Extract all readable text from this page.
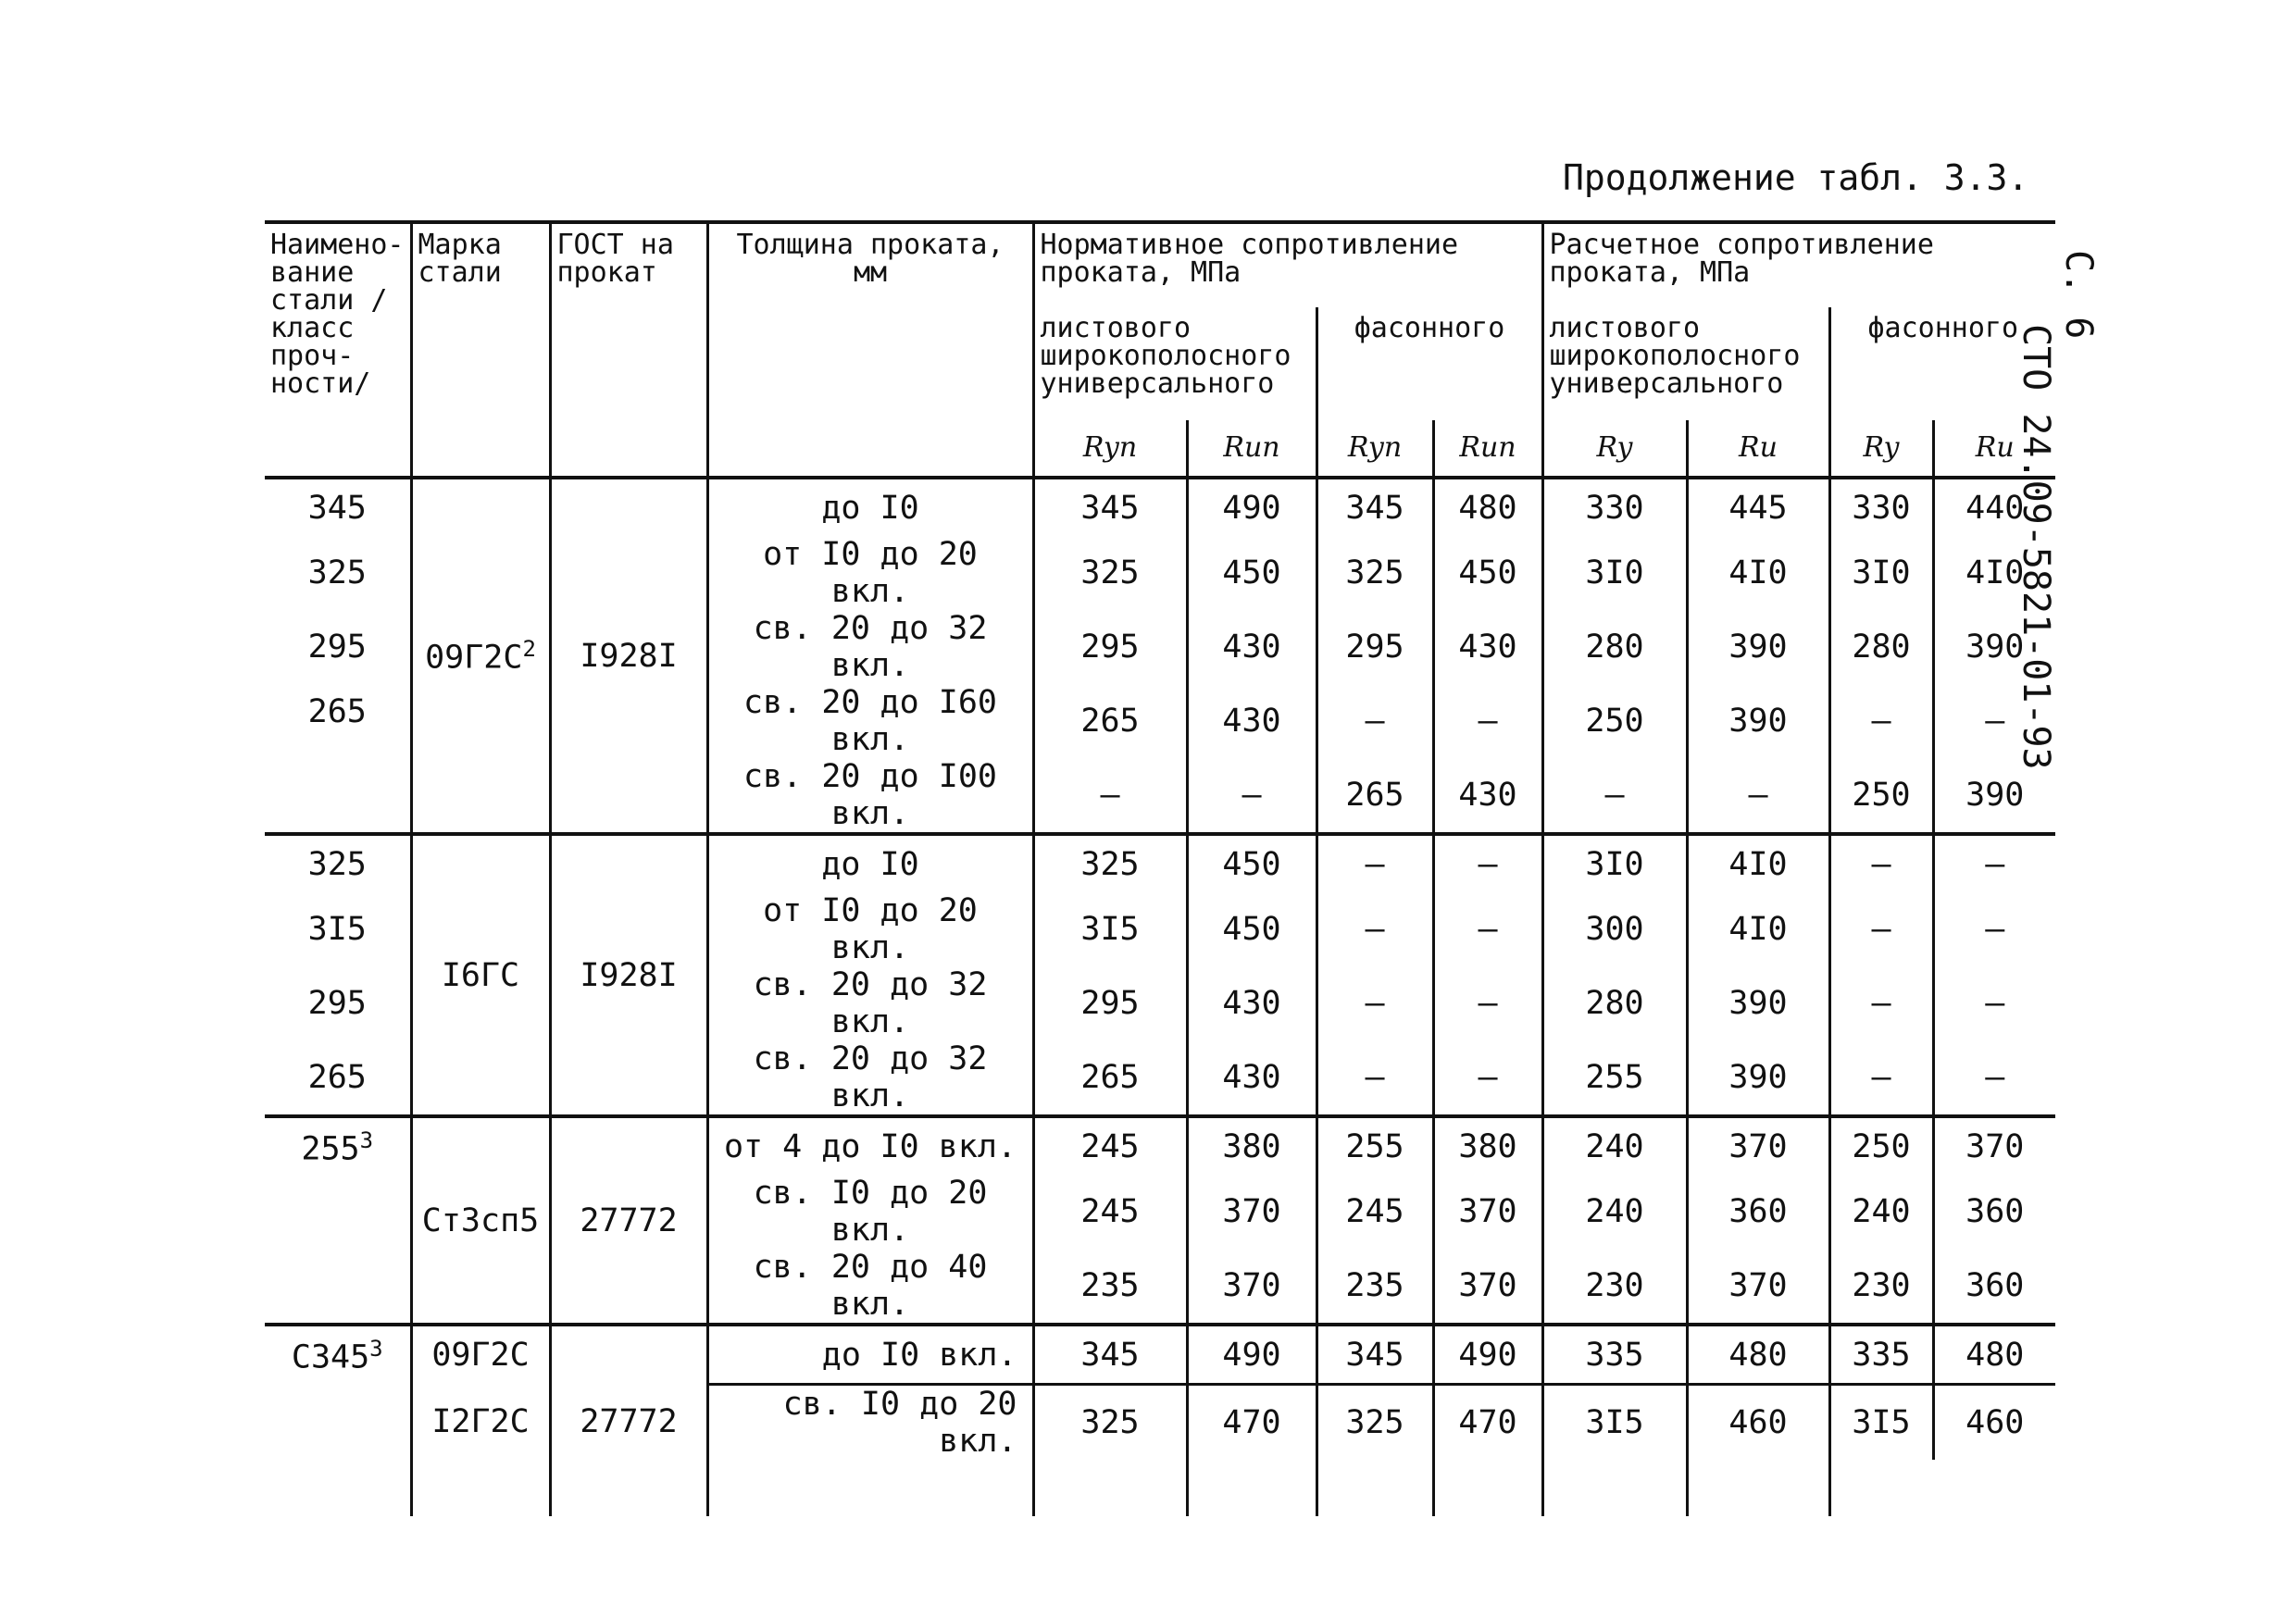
Продолжение табл. 3.3.
С. 6
СТО 24.09-5821-01-93
Наимено-вание стали /класс проч-ности/	Марка стали	ГОСТ на прокат	Толщина проката, мм	Нормативное сопротивление проката, МПа				Расчетное сопротивление проката, МПа			
				листового широкополосного универсального		фасонного		листового широкополосного универсального		фасонного	
				Ryn	Run	Ryn	Run	Ry	Ru	Ry	Ru
345	$09Г2С^2$	I928I	до I0	345	490	345	480	330	445	330	440
325			от I0 до 20 вкл.	325	450	325	450	3I0	4I0	3I0	4I0
295			св. 20 до 32 вкл.	295	430	295	430	280	390	280	390
265			св. 20 до I60 вкл.	265	430	–	–	250	390	–	–
			св. 20 до I00 вкл.	–	–	265	430	–	–	250	390
325	I6ГС	I928I	до I0	325	450	–	–	3I0	4I0	–	–
3I5			от I0 до 20 вкл.	3I5	450	–	–	300	4I0	–	–
295			св. 20 до 32 вкл.	295	430	–	–	280	390	–	–
265			св. 20 до 32 вкл.	265	430	–	–	255	390	–	–
$255^3$	Ст3сп5	27772	от 4 до I0 вкл.	245	380	255	380	240	370	250	370
			св. I0 до 20 вкл.	245	370	245	370	240	360	240	360
			св. 20 до 40 вкл.	235	370	235	370	230	370	230	360
$С345^3$	09Г2С	27772	до I0 вкл.	345	490	345	490	335	480	335	480
	I2Г2С		св. I0 до 20 вкл.	325	470	325	470	3I5	460	3I5	460
